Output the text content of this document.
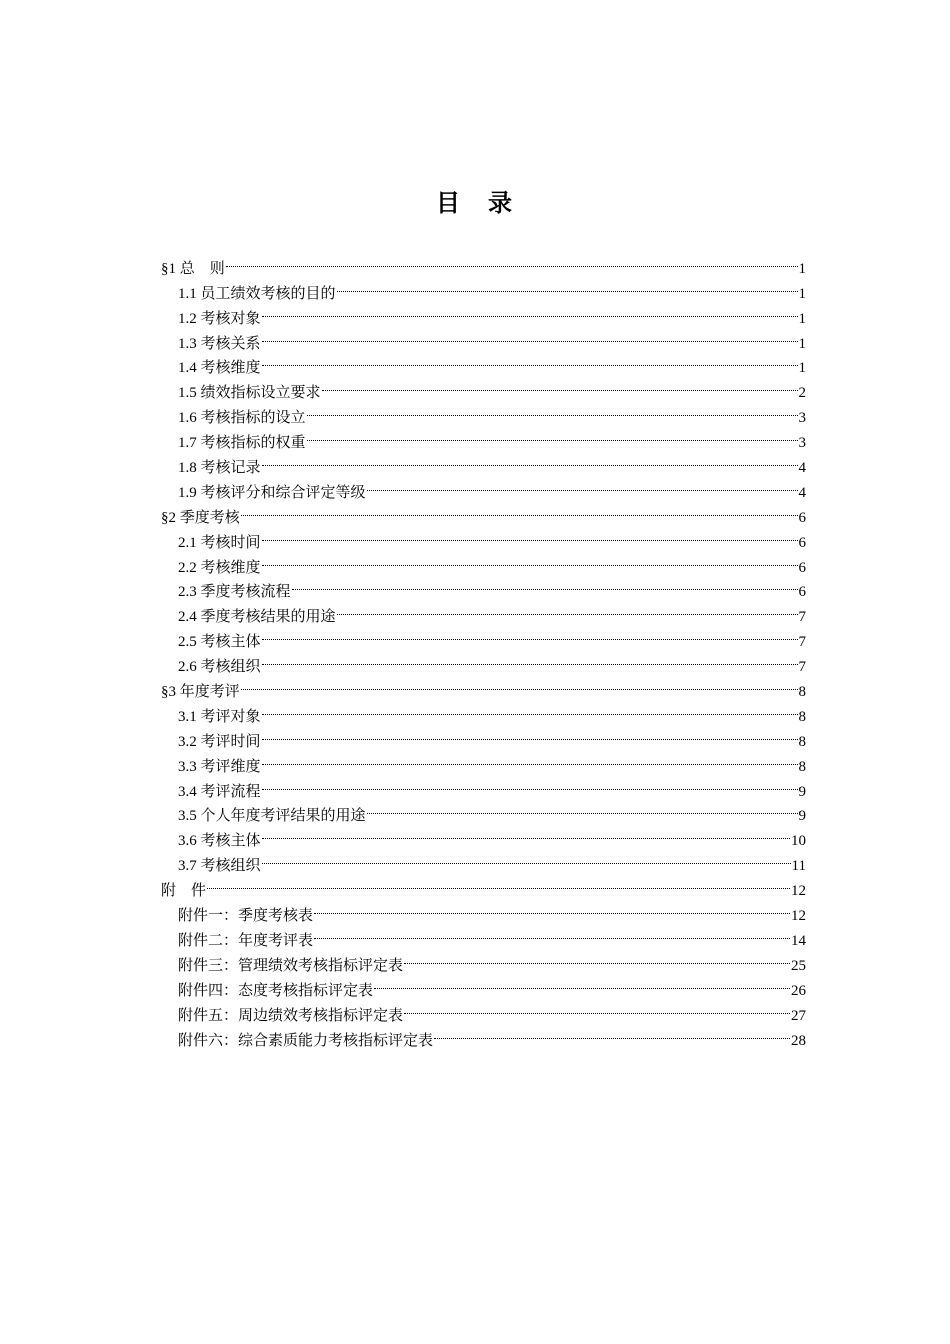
目　录
§1 总　则	1
1.1 员工绩效考核的目的	1
1.2 考核对象	1
1.3 考核关系	1
1.4 考核维度	1
1.5 绩效指标设立要求	2
1.6 考核指标的设立	3
1.7 考核指标的权重	3
1.8 考核记录	4
1.9 考核评分和综合评定等级	4
§2 季度考核	6
2.1 考核时间	6
2.2 考核维度	6
2.3 季度考核流程	6
2.4 季度考核结果的用途	7
2.5 考核主体	7
2.6 考核组织	7
§3 年度考评	8
3.1 考评对象	8
3.2 考评时间	8
3.3 考评维度	8
3.4 考评流程	9
3.5 个人年度考评结果的用途	9
3.6 考核主体	10
3.7 考核组织	11
附　件	12
附件一：季度考核表	12
附件二：年度考评表	14
附件三：管理绩效考核指标评定表	25
附件四：态度考核指标评定表	26
附件五：周边绩效考核指标评定表	27
附件六：综合素质能力考核指标评定表	28
